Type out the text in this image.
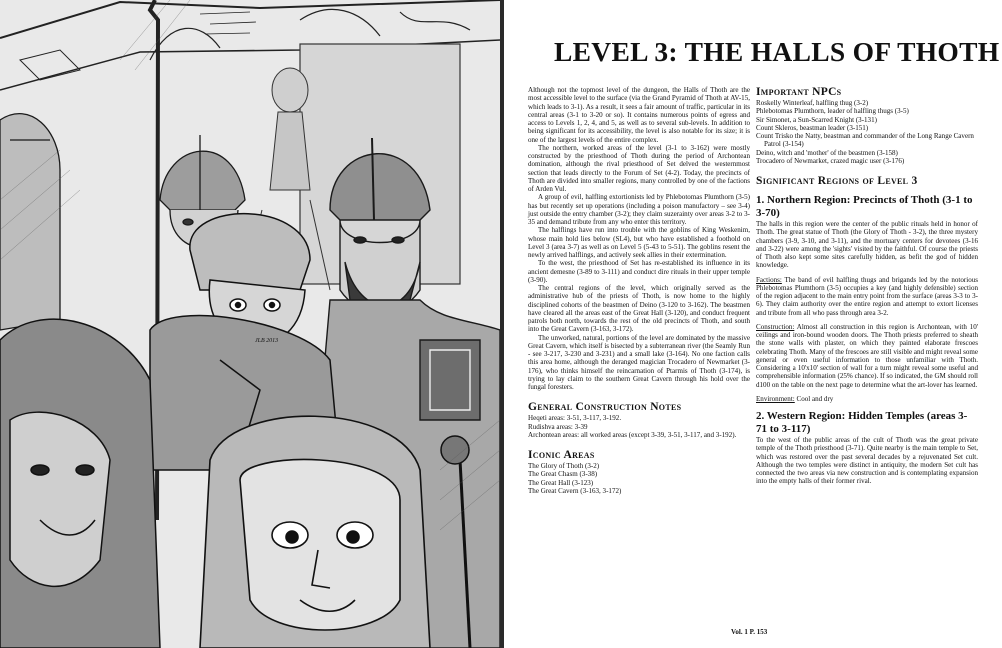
JLB 2013
LEVEL 3: THE HALLS OF THOTH

Although not the topmost level of the dungeon, the Halls of Thoth are the most accessible level to the surface (via the Grand Pyramid of Thoth at AV-15, which leads to 3-1). As a result, it sees a fair amount of traffic, particular in its central areas (3-1 to 3-20 or so). It contains numerous points of egress and access to Levels 1, 2, 4, and 5, as well as to several sub-levels. In addition to being significant for its accessibility, the level is also notable for its size; it is one of the largest levels of the entire complex.

The northern, worked areas of the level (3-1 to 3-162) were mostly constructed by the priesthood of Thoth during the period of Archontean domination, although the rival priesthood of Set delved the westernmost section that leads directly to the Forum of Set (4-2). Today, the precincts of Thoth are divided into smaller regions, many controlled by one of the factions of Arden Vul.

A group of evil, halfling extortionists led by Phlebotomas Plumthorn (3-5) has but recently set up operations (including a poison manufactory – see 3-4) just outside the entry chamber (3-2); they claim suzerainty over areas 3-2 to 3-35 and demand tribute from any who enter this territory.

The halflings have run into trouble with the goblins of King Weskenim, whose main hold lies below (SL4), but who have established a foothold on Level 3 (area 3-7) as well as on Level 5 (5-43 to 5-51). The goblins resent the newly arrived halflings, and actively seek allies in their extermination.

To the west, the priesthood of Set has re-established its influence in its ancient demesne (3-89 to 3-111) and conduct dire rituals in their upper temple (3-90).

The central regions of the level, which originally served as the administrative hub of the priests of Thoth, is now home to the highly disciplined cohorts of the beastmen of Deino (3-120 to 3-162). The beastmen have cleared all the areas east of the Great Hall (3-120), and conduct frequent patrols both north, towards the rest of the old precincts of Thoth, and south into the Great Cavern (3-163, 3-172).

The unworked, natural, portions of the level are dominated by the massive Great Cavern, which itself is bisected by a subterranean river (the Seamly Run - see 3-217, 3-230 and 3-231) and a small lake (3-164). No one faction calls this area home, although the deranged magician Trocadero of Newmarket (3-176), who thinks himself the reincarnation of Ptarmis of Thoth (3-174), is trying to lay claim to the southern Great Cavern through his hold over the fungal foresters.

General Construction Notes
Heqeti areas: 3-51, 3-117, 3-192.
Rudishva areas: 3-39
Archontean areas: all worked areas (except 3-39, 3-51, 3-117, and 3-192).
Iconic Areas
The Glory of Thoth (3-2)
The Great Chasm (3-38)
The Great Hall (3-123)
The Great Cavern (3-163, 3-172)
Important NPCs
Roskelly Winterleaf, halfling thug (3-2)
Phlebotomas Plumthorn, leader of halfling thugs (3-5)
Sir Simonet, a Sun-Scarred Knight (3-131)
Count Skleros, beastman leader (3-151)
Count Trisko the Natty, beastman and commander of the Long Range Cavern Patrol (3-154)
Deino, witch and 'mother' of the beastmen (3-158)
Trocadero of Newmarket, crazed magic user (3-176)
Significant Regions of Level 3
1. Northern Region: Precincts of Thoth (3-1 to 3-70)

The halls in this region were the center of the public rituals held in honor of Thoth. The great statue of Thoth (the Glory of Thoth - 3-2), the three mystery chambers (3-9, 3-10, and 3-11), and the mortuary centers for devotees (3-16 and 3-22) were among the 'sights' visited by the faithful. Of course the priests of Thoth also kept some sites carefully hidden, as befit the god of hidden knowledge.

Factions: The band of evil halfling thugs and brigands led by the notorious Phlebotomas Plumthorn (3-5) occupies a key (and highly defensible) section of the region adjacent to the main entry point from the surface (areas 3-3 to 3-6). They claim authority over the entire region and attempt to extort licenses and tribute from all who pass through area 3-2.

Construction: Almost all construction in this region is Archontean, with 10' ceilings and iron-bound wooden doors. The Thoth priests preferred to sheath the stone walls with plaster, on which they painted elaborate frescoes celebrating Thoth. Many of the frescoes are still visible and might reveal some general or even useful information to those unfamiliar with Thoth. Considering a 10'x10' section of wall for a turn might reveal some useful and comprehensible information (25% chance). If so indicated, the GM should roll d100 on the table on the next page to determine what the art-lover has learned.

Environment: Cool and dry

2. Western Region: Hidden Temples (areas 3-71 to 3-117)

To the west of the public areas of the cult of Thoth was the great private temple of the Thoth priesthood (3-71). Quite nearby is the main temple to Set, which was restored over the past several decades by a rejuvenated Set cult. Although the two temples were distinct in antiquity, the modern Set cult has connected the two areas via new construction and is contemplating expansion into the empty halls of their former rival.

Vol. 1 P. 153
